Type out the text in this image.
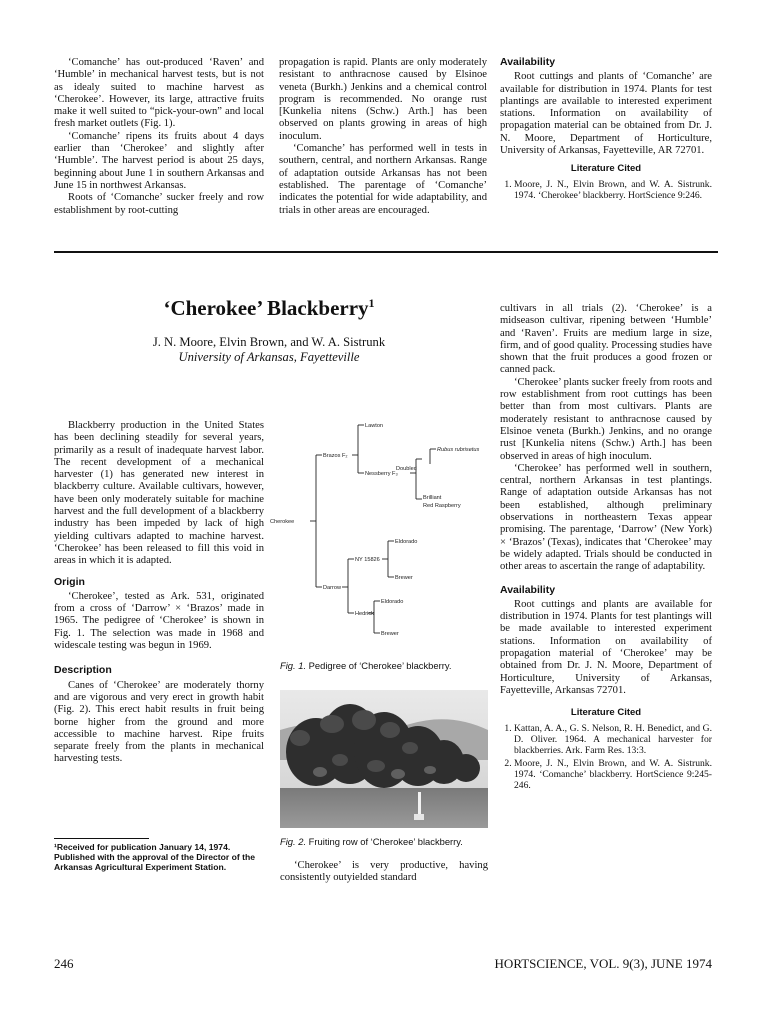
‘Comanche’ has out-produced ‘Raven’ and ‘Humble’ in mechanical harvest tests, but is not as idealy suited to machine harvest as ‘Cherokee’. However, its large, attractive fruits make it well suited to “pick-your-own” and local fresh market outlets (Fig. 1).

‘Comanche’ ripens its fruits about 4 days earlier than ‘Cherokee’ and slightly after ‘Humble’. The harvest period is about 25 days, beginning about June 1 in southern Arkansas and June 15 in northwest Arkansas.

Roots of ‘Comanche’ sucker freely and row establishment by root-cutting

propagation is rapid. Plants are only moderately resistant to anthracnose caused by Elsinoe veneta (Burkh.) Jenkins and a chemical control program is recommended. No orange rust [Kunkelia nitens (Schw.) Arth.] has been observed on plants growing in areas of high inoculum.

‘Comanche’ has performed well in tests in southern, central, and northern Arkansas. Range of adaptation outside Arkansas has not been established. The parentage of ‘Comanche’ indicates the potential for wide adaptability, and trials in other areas are encouraged.

Availability

Root cuttings and plants of ‘Comanche’ are available for distribution in 1974. Plants for test plantings are available to interested experiment stations. Information on availability of propagation material can be obtained from Dr. J. N. Moore, Department of Horticulture, University of Arkansas, Fayetteville, AR 72701.

Literature Cited
1. Moore, J. N., Elvin Brown, and W. A. Sistrunk. 1974. ‘Cherokee’ blackberry. HortScience 9:246.
‘Cherokee’ Blackberry$^1$
J. N. Moore, Elvin Brown, and W. A. Sistrunk
University of Arkansas, Fayetteville

Blackberry production in the United States has been declining steadily for several years, primarily as a result of inadequate harvest labor. The recent development of a mechanical harvester (1) has generated new interest in blackberry culture. Available cultivars, however, have been only moderately suitable for machine harvest and the full development of a blackberry industry has been impeded by lack of high yielding cultivars adapted to machine harvest. ‘Cherokee’ has been released to fill this void in areas in which it is adapted.

Origin

‘Cherokee’, tested as Ark. 531, originated from a cross of ‘Darrow’ × ‘Brazos’ made in 1965. The pedigree of ‘Cherokee’ is shown in Fig. 1. The selection was made in 1968 and widescale testing was begun in 1969.

Description

Canes of ‘Cherokee’ are moderately thorny and are vigorous and very erect in growth habit (Fig. 2). This erect habit results in fruit being borne higher from the ground and more accessible to machine harvest. Ripe fruits separate freely from the plants in mechanical harvesting tests.

¹Received for publication January 14, 1974. Published with the approval of the Director of the Arkansas Agricultural Experiment Station.
Cherokee
Brazos F₂
Lawton
Nessberry F₃
Doubled
Rubus rubrisetus
Brilliant
Red Raspberry
Darrow
NY 15826
Eldorado
Brewer
Hedrick
Eldorado
Brewer
Fig. 1. Pedigree of ‘Cherokee’ blackberry.
Fig. 2. Fruiting row of ‘Cherokee’ blackberry.

‘Cherokee’ is very productive, having consistently outyielded standard

cultivars in all trials (2). ‘Cherokee’ is a midseason cultivar, ripening between ‘Humble’ and ‘Raven’. Fruits are medium large in size, firm, and of good quality. Processing studies have shown that the fruit produces a good frozen or canned pack.

‘Cherokee’ plants sucker freely from roots and row establishment from root cuttings has been better than from most cultivars. Plants are moderately resistant to anthracnose caused by Elsinoe veneta (Burkh.) Jenkins, and no orange rust [Kunkelia nitens (Schw.) Arth.] has been observed in areas of high inoculum.

‘Cherokee’ has performed well in southern, central, northern Arkansas in test plantings. Range of adaptation outside Arkansas has not been established, although preliminary observations in northeastern Texas appear promising. The parentage, ‘Darrow’ (New York) × ‘Brazos’ (Texas), indicates that ‘Cherokee’ may be widely adapted. Trials should be conducted in other areas to ascertain the range of adaptability.

Availability

Root cuttings and plants are available for distribution in 1974. Plants for test plantings will be made available to interested experiment stations. Information on availability of propagation material of ‘Cherokee’ may be obtained from Dr. J. N. Moore, Department of Horticulture, University of Arkansas, Fayetteville, Arkansas 72701.

Literature Cited
1. Kattan, A. A., G. S. Nelson, R. H. Benedict, and G. D. Oliver. 1964. A mechanical harvester for blackberries. Ark. Farm Res. 13:3.
2. Moore, J. N., Elvin Brown, and W. A. Sistrunk. 1974. ‘Comanche’ blackberry. HortScience 9:245-246.
246	HORTSCIENCE, VOL. 9(3), JUNE 1974
